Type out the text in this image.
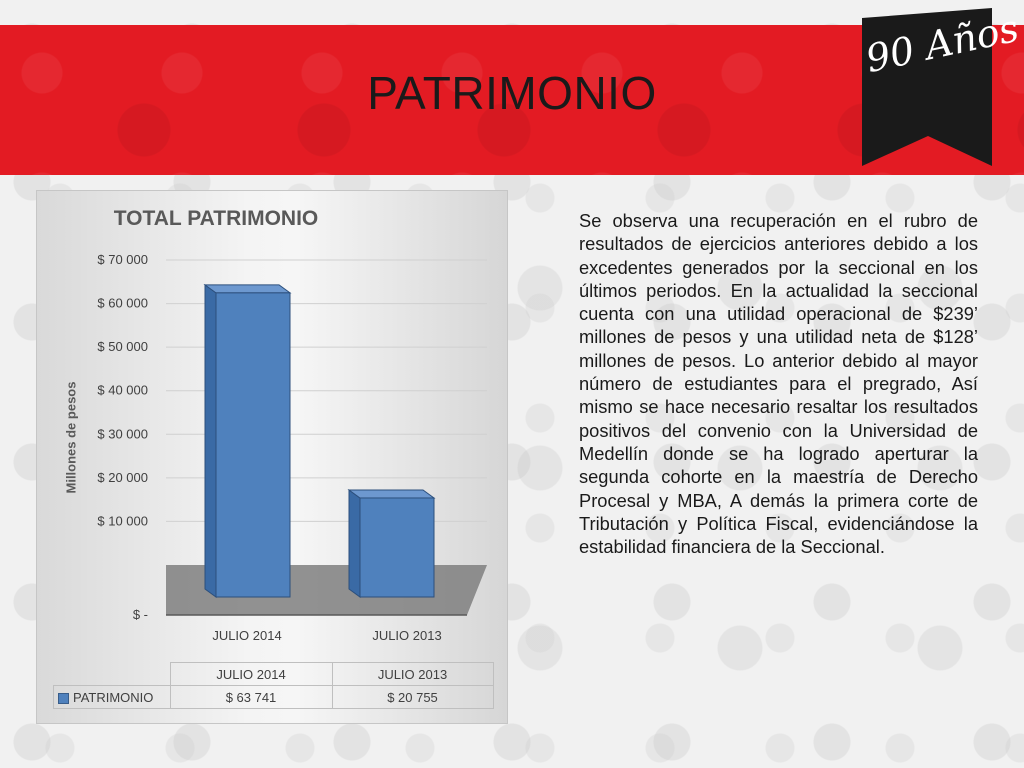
PATRIMONIO
90 Años
TOTAL PATRIMONIO
Millones de pesos
$ -
$ 10 000
$ 20 000
$ 30 000
$ 40 000
$ 50 000
$ 60 000
$ 70 000
JULIO 2014	JULIO 2013
	JULIO 2014	JULIO 2013
PATRIMONIO	$ 63 741	$ 20 755
Se observa una recuperación en el rubro de resultados de ejercicios anteriores debido a los excedentes generados por la seccional en los últimos periodos. En la actualidad la seccional cuenta con una utilidad operacional de $239’ millones de pesos y una utilidad neta de $128’ millones de pesos. Lo anterior debido al mayor número de estudiantes para el pregrado, Así mismo se hace necesario resaltar los resultados positivos del convenio con la Universidad de Medellín donde se ha logrado aperturar la segunda cohorte en la maestría de Derecho Procesal y MBA, A demás la primera corte de Tributación y Política Fiscal, evidenciándose la estabilidad financiera de la Seccional.
